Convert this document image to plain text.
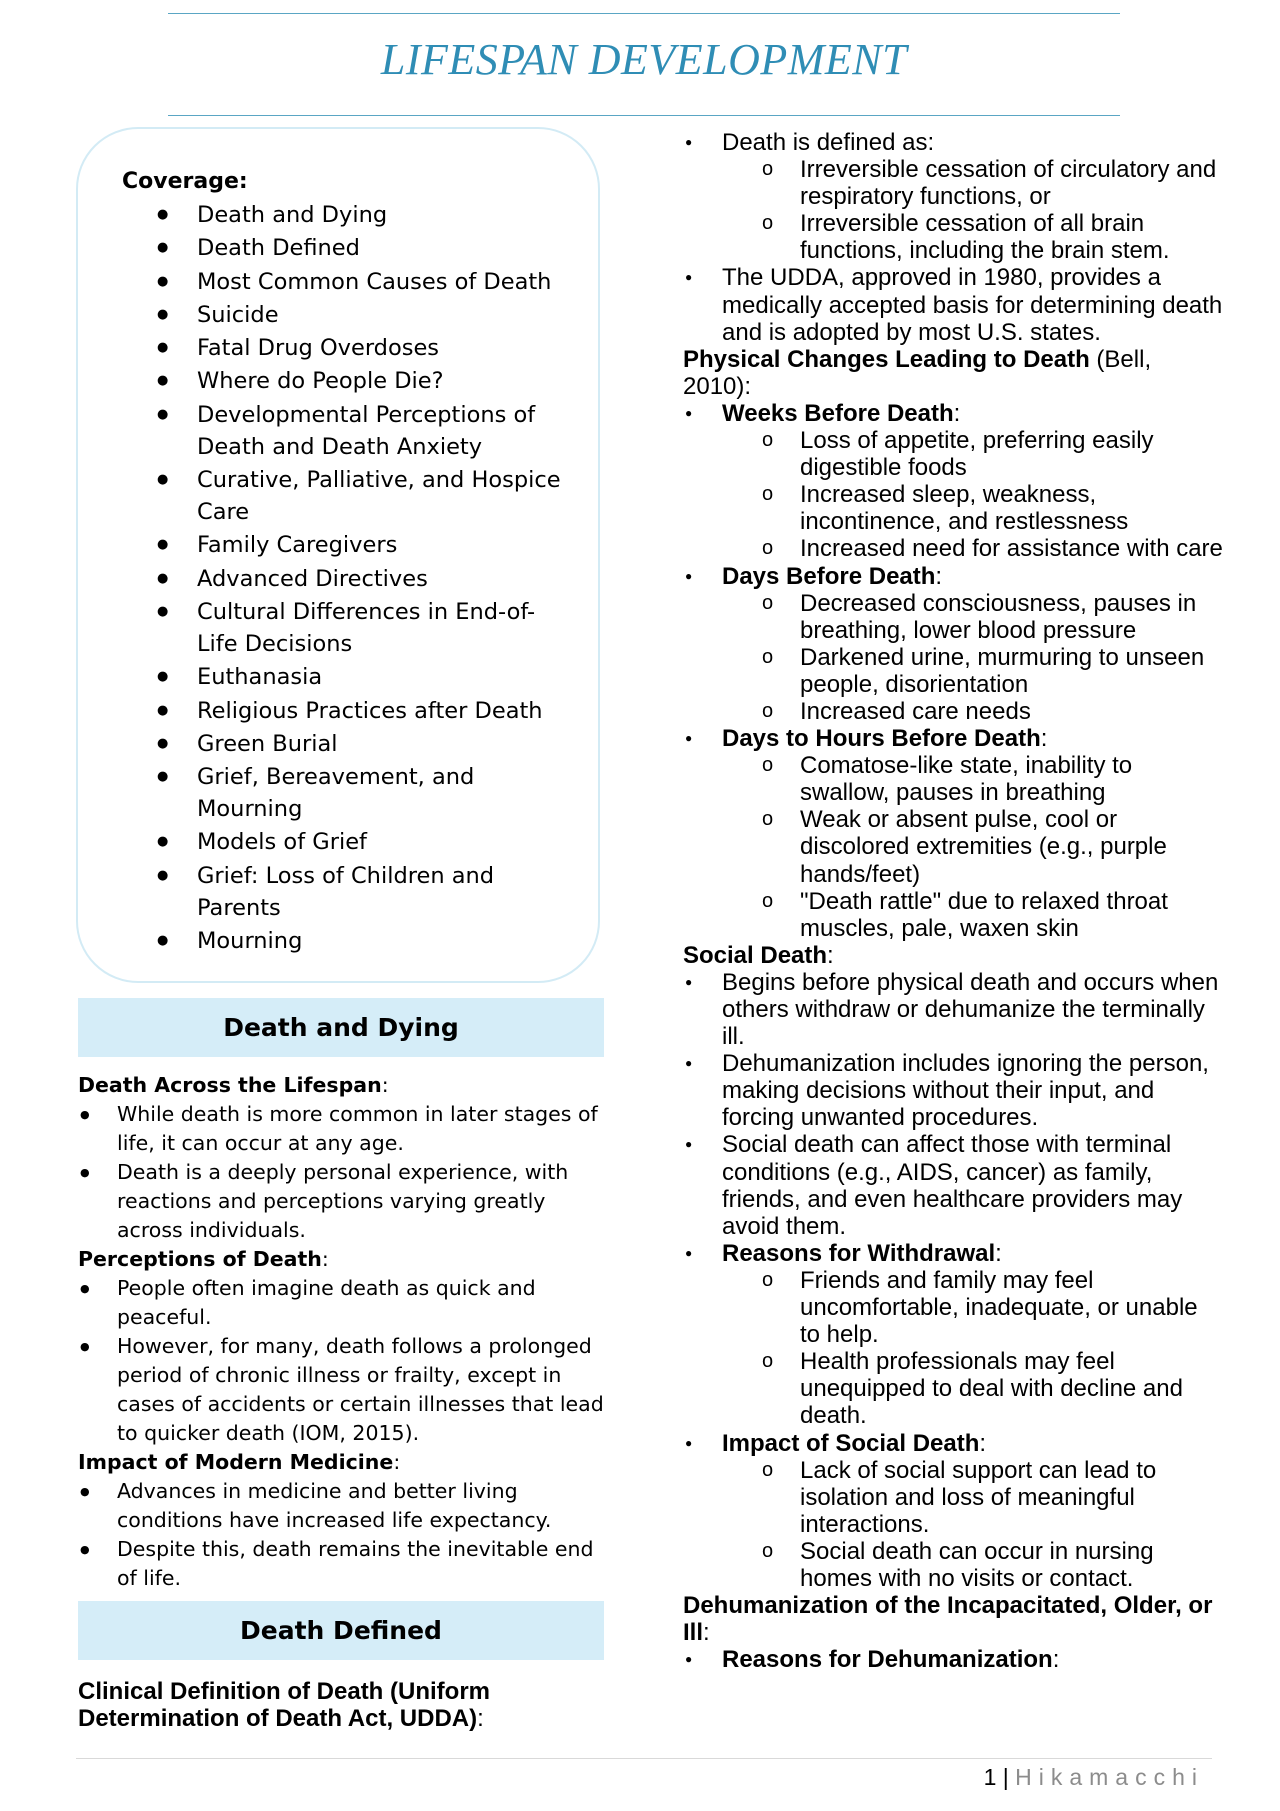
LIFESPAN DEVELOPMENT
Coverage:
● Death and Dying
● Death Defined
● Most Common Causes of Death
● Suicide
● Fatal Drug Overdoses
● Where do People Die?
● Developmental Perceptions of Death and Death Anxiety
● Curative, Palliative, and Hospice Care
● Family Caregivers
● Advanced Directives
● Cultural Differences in End-of-Life Decisions
● Euthanasia
● Religious Practices after Death
● Green Burial
● Grief, Bereavement, and Mourning
● Models of Grief
● Grief: Loss of Children and Parents
● Mourning
Death and Dying
Death Across the Lifespan:
● While death is more common in later stages of life, it can occur at any age.
● Death is a deeply personal experience, with reactions and perceptions varying greatly across individuals.
Perceptions of Death:
● People often imagine death as quick and peaceful.
● However, for many, death follows a prolonged period of chronic illness or frailty, except in cases of accidents or certain illnesses that lead to quicker death (IOM, 2015).
Impact of Modern Medicine:
● Advances in medicine and better living conditions have increased life expectancy.
● Despite this, death remains the inevitable end of life.
Death Defined
Clinical Definition of Death (Uniform Determination of Death Act, UDDA):
● Death is defined as:
o Irreversible cessation of circulatory and respiratory functions, or
o Irreversible cessation of all brain functions, including the brain stem.
● The UDDA, approved in 1980, provides a medically accepted basis for determining death and is adopted by most U.S. states.
Physical Changes Leading to Death (Bell, 2010):
● Weeks Before Death:
o Loss of appetite, preferring easily digestible foods
o Increased sleep, weakness, incontinence, and restlessness
o Increased need for assistance with care
● Days Before Death:
o Decreased consciousness, pauses in breathing, lower blood pressure
o Darkened urine, murmuring to unseen people, disorientation
o Increased care needs
● Days to Hours Before Death:
o Comatose-like state, inability to swallow, pauses in breathing
o Weak or absent pulse, cool or discolored extremities (e.g., purple hands/feet)
o "Death rattle" due to relaxed throat muscles, pale, waxen skin
Social Death:
● Begins before physical death and occurs when others withdraw or dehumanize the terminally ill.
● Dehumanization includes ignoring the person, making decisions without their input, and forcing unwanted procedures.
● Social death can affect those with terminal conditions (e.g., AIDS, cancer) as family, friends, and even healthcare providers may avoid them.
● Reasons for Withdrawal:
o Friends and family may feel uncomfortable, inadequate, or unable to help.
o Health professionals may feel unequipped to deal with decline and death.
● Impact of Social Death:
o Lack of social support can lead to isolation and loss of meaningful interactions.
o Social death can occur in nursing homes with no visits or contact.
Dehumanization of the Incapacitated, Older, or Ill:
● Reasons for Dehumanization:
1 | Hikamacchi
